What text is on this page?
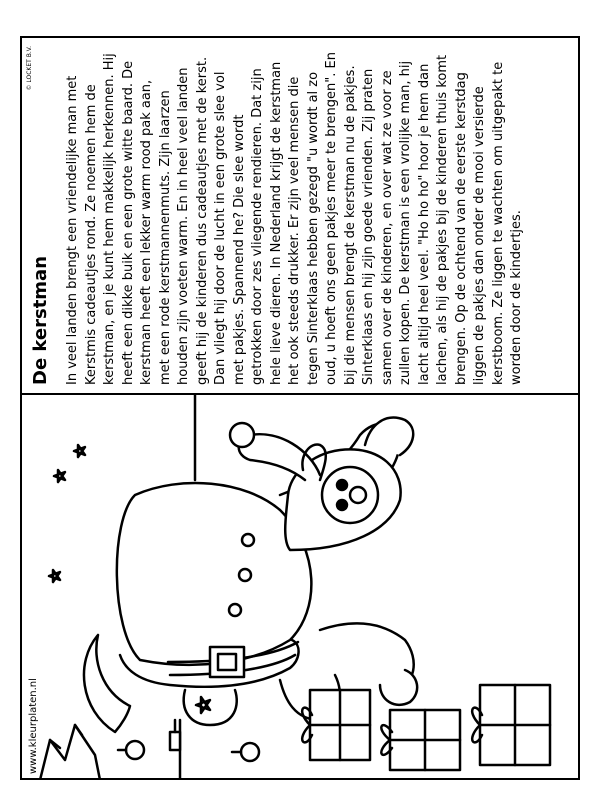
www.kleurplaten.nl
© LOCKET B.V.
De kerstman In veel landen brengt een vriendelijke man met Kerstmis cadeautjes rond. Ze noemen hem de kerstman, en je kunt hem makkelijk herkennen. Hij heeft een dikke buik en een grote witte baard. De kerstman heeft een lekker warm rood pak aan, met een rode kerstmannenmuts. Zijn laarzen houden zijn voeten warm. En in heel veel landen geeft hij de kinderen dus cadeautjes met de kerst. Dan vliegt hij door de lucht in een grote slee vol met pakjes. Spannend he? Die slee wordt getrokken door zes vliegende rendieren. Dat zijn hele lieve dieren. In Nederland krijgt de kerstman het ook steeds drukker. Er zijn veel mensen die tegen Sinterklaas hebben gezegd "u wordt al zo oud, u hoeft ons geen pakjes meer te brengen". En bij die mensen brengt de kerstman nu de pakjes. Sinterklaas en hij zijn goede vrienden. Zij praten samen over de kinderen, en over wat ze voor ze zullen kopen. De kerstman is een vrolijke man, hij lacht altijd heel veel. "Ho ho ho" hoor je hem dan lachen, als hij de pakjes bij de kinderen thuis komt brengen. Op de ochtend van de eerste kerstdag liggen de pakjes dan onder de mooi versierde kerstboom. Ze liggen te wachten om uitgepakt te worden door de kindertjes.
